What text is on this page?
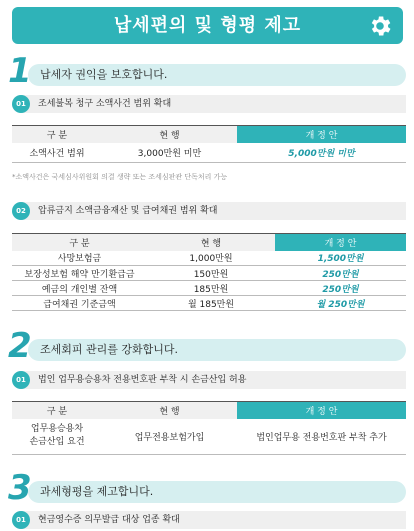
납세편의 및 형평 제고
1 납세자 권익을 보호합니다.
01	조세불복 청구 소액사건 범위 확대
구 분	현 행	개 정 안
소액사건 범위	3,000만원 미만	5,000만원 미만
*소액사건은 국세심사위원회 의결 생략 또는 조세심판관 단독처리 가능
02	압류금지 소액금융재산 및 급여채권 범위 확대
구 분	현 행	개 정 안
사망보험금	1,000만원	1,500만원
보장성보험 해약 만기환급금	150만원	250만원
예금의 개인별 잔액	185만원	250만원
급여채권 기준금액	월 185만원	월 250만원
2 조세회피 관리를 강화합니다.
01	법인 업무용승용차 전용번호판 부착 시 손금산입 허용
구 분	현 행	개 정 안
업무용승용차
손금산입 요건	업무전용보험가입	법인업무용 전용번호판 부착 추가
3 과세형평을 제고합니다.
01	현금영수증 의무발급 대상 업종 확대
